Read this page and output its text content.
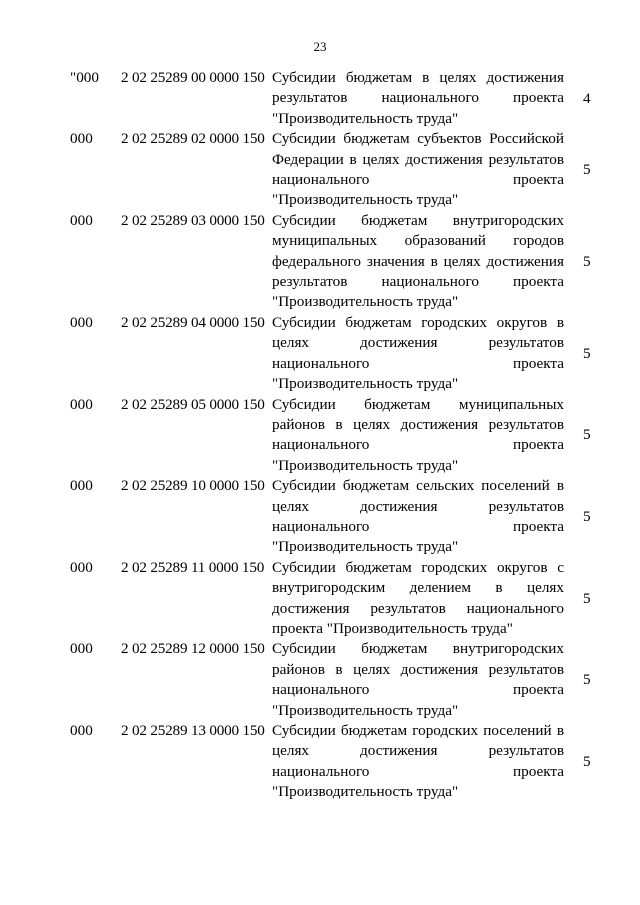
23
"000 2 02 25289 00 0000 150 Субсидии бюджетам в целях достижения результатов национального проекта "Производительность труда"
4
000 2 02 25289 02 0000 150 Субсидии бюджетам субъектов Российской Федерации в целях достижения результатов национального проекта "Производительность труда"
5
000 2 02 25289 03 0000 150 Субсидии бюджетам внутригородских муниципальных образований городов федерального значения в целях достижения результатов национального проекта "Производительность труда"
5
000 2 02 25289 04 0000 150 Субсидии бюджетам городских округов в целях достижения результатов национального проекта "Производительность труда"
5
000 2 02 25289 05 0000 150 Субсидии бюджетам муниципальных районов в целях достижения результатов национального проекта "Производительность труда"
5
000 2 02 25289 10 0000 150 Субсидии бюджетам сельских поселений в целях достижения результатов национального проекта "Производительность труда"
5
000 2 02 25289 11 0000 150 Субсидии бюджетам городских округов с внутригородским делением в целях достижения результатов национального проекта "Производительность труда"
5
000 2 02 25289 12 0000 150 Субсидии бюджетам внутригородских районов в целях достижения результатов национального проекта "Производительность труда"
5
000 2 02 25289 13 0000 150 Субсидии бюджетам городских поселений в целях достижения результатов национального проекта "Производительность труда"
5
